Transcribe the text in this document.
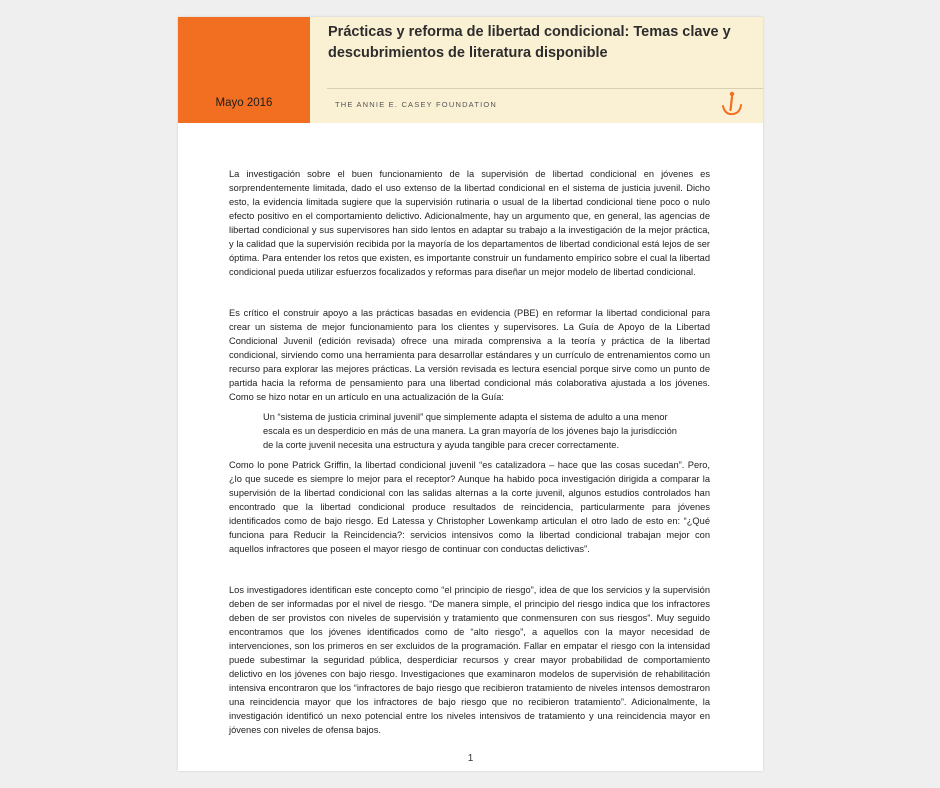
Mayo 2016
Prácticas y reforma de libertad condicional: Temas clave y descubrimientos de literatura disponible
THE ANNIE E. CASEY FOUNDATION

La investigación sobre el buen funcionamiento de la supervisión de libertad condicional en jóvenes es sorprendentemente limitada, dado el uso extenso de la libertad condicional en el sistema de justicia juvenil. Dicho esto, la evidencia limitada sugiere que la supervisión rutinaria o usual de la libertad condicional tiene poco o nulo efecto positivo en el comportamiento delictivo. Adicionalmente, hay un argumento que, en general, las agencias de libertad condicional y sus supervisores han sido lentos en adaptar su trabajo a la investigación de la mejor práctica, y la calidad que la supervisión recibida por la mayoría de los departamentos de libertad condicional está lejos de ser óptima. Para entender los retos que existen, es importante construir un fundamento empírico sobre el cual la libertad condicional pueda utilizar esfuerzos focalizados y reformas para diseñar un mejor modelo de libertad condicional.

Es crítico el construir apoyo a las prácticas basadas en evidencia (PBE) en reformar la libertad condicional para crear un sistema de mejor funcionamiento para los clientes y supervisores. La Guía de Apoyo de la Libertad Condicional Juvenil (edición revisada) ofrece una mirada comprensiva a la teoría y práctica de la libertad condicional, sirviendo como una herramienta para desarrollar estándares y un currículo de entrenamientos como un recurso para explorar las mejores prácticas. La versión revisada es lectura esencial porque sirve como un punto de partida hacia la reforma de pensamiento para una libertad condicional más colaborativa ajustada a los jóvenes. Como se hizo notar en un artículo en una actualización de la Guía:

Un “sistema de justicia criminal juvenil” que simplemente adapta el sistema de adulto a una menor escala es un desperdicio en más de una manera. La gran mayoría de los jóvenes bajo la jurisdicción de la corte juvenil necesita una estructura y ayuda tangible para crecer correctamente.

Como lo pone Patrick Griffin, la libertad condicional juvenil “es catalizadora – hace que las cosas sucedan”. Pero, ¿lo que sucede es siempre lo mejor para el receptor? Aunque ha habido poca investigación dirigida a comparar la supervisión de la libertad condicional con las salidas alternas a la corte juvenil, algunos estudios controlados han encontrado que la libertad condicional produce resultados de reincidencia, particularmente para jóvenes identificados como de bajo riesgo. Ed Latessa y Christopher Lowenkamp articulan el otro lado de esto en: “¿Qué funciona para Reducir la Reincidencia?: servicios intensivos como la libertad condicional trabajan mejor con aquellos infractores que poseen el mayor riesgo de continuar con conductas delictivas”.

Los investigadores identifican este concepto como “el principio de riesgo”, idea de que los servicios y la supervisión deben de ser informadas por el nivel de riesgo. “De manera simple, el principio del riesgo indica que los infractores deben de ser provistos con niveles de supervisión y tratamiento que conmensuren con sus riesgos”. Muy seguido encontramos que los jóvenes identificados como de “alto riesgo”, a aquellos con la mayor necesidad de intervenciones, son los primeros en ser excluidos de la programación. Fallar en empatar el riesgo con la intensidad puede subestimar la seguridad pública, desperdiciar recursos y crear mayor probabilidad de comportamiento delictivo en los jóvenes con bajo riesgo. Investigaciones que examinaron modelos de supervisión de rehabilitación intensiva encontraron que los “infractores de bajo riesgo que recibieron tratamiento de niveles intensos demostraron una reincidencia mayor que los infractores de bajo riesgo que no recibieron tratamiento”. Adicionalmente, la investigación identificó un nexo potencial entre los niveles intensivos de tratamiento y una reincidencia mayor en jóvenes con niveles de ofensa bajos.

1
